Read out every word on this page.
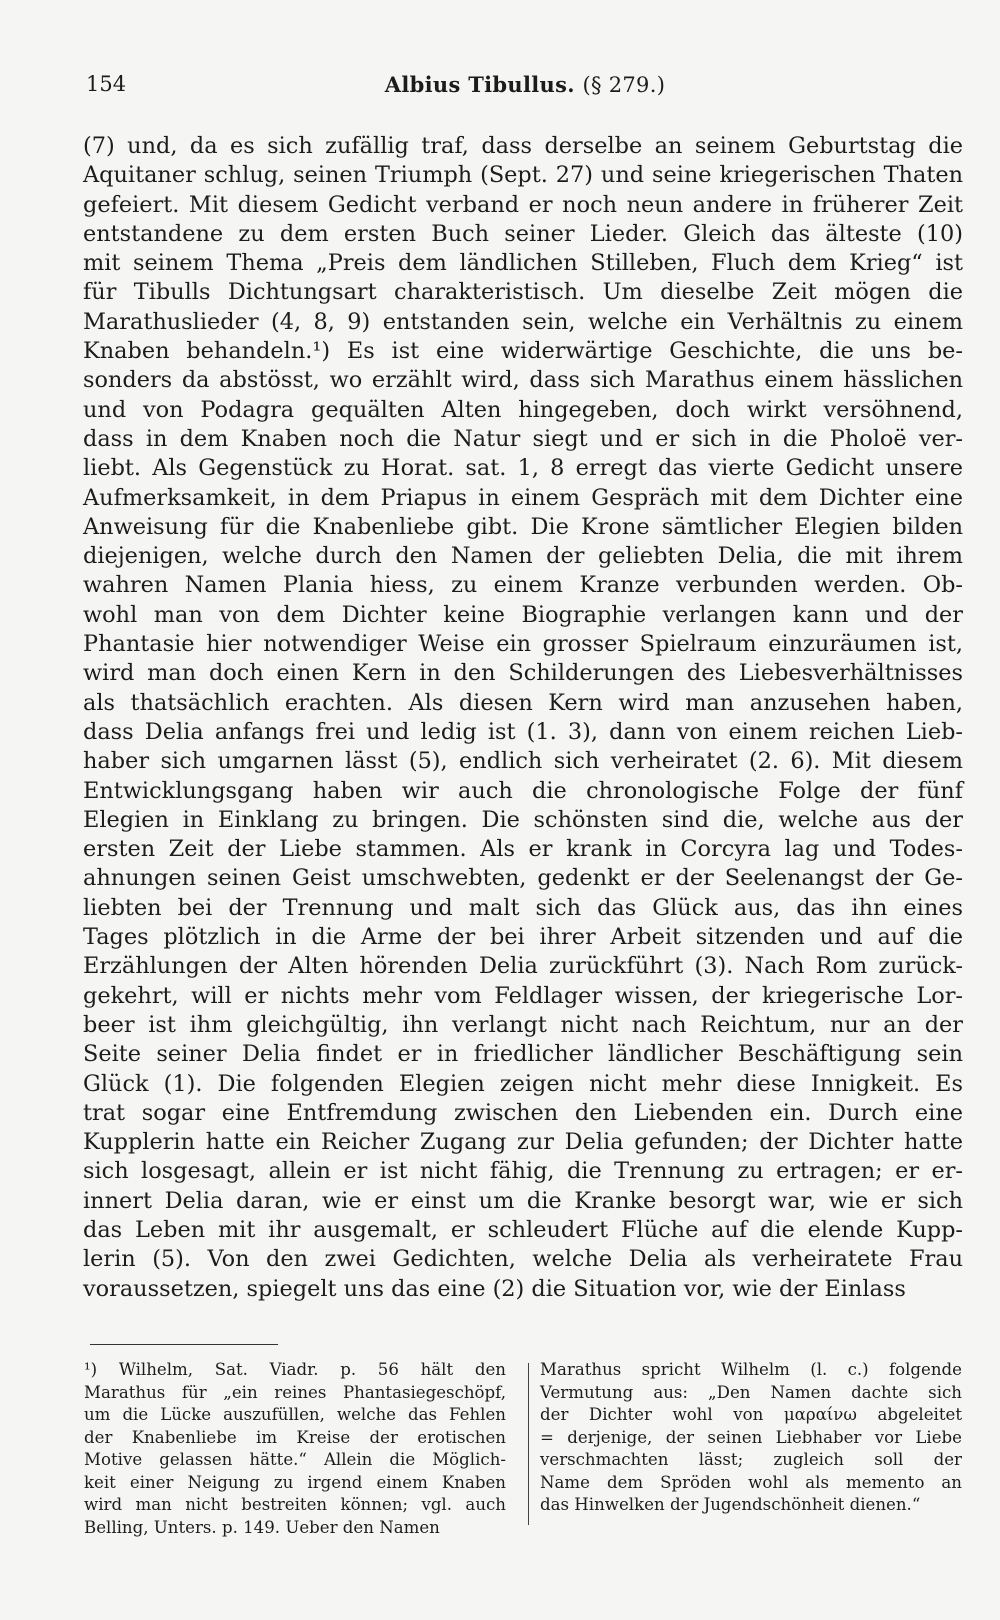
154	Albius Tibullus. (§ 279.)
(7) und, da es sich zufällig traf, dass derselbe an seinem Geburtstag die
Aquitaner schlug, seinen Triumph (Sept. 27) und seine kriegerischen Thaten
gefeiert. Mit diesem Gedicht verband er noch neun andere in früherer Zeit
entstandene zu dem ersten Buch seiner Lieder. Gleich das älteste (10)
mit seinem Thema „Preis dem ländlichen Stilleben, Fluch dem Krieg“ ist
für Tibulls Dichtungsart charakteristisch. Um dieselbe Zeit mögen die
Marathuslieder (4, 8, 9) entstanden sein, welche ein Verhältnis zu einem
Knaben behandeln.¹) Es ist eine widerwärtige Geschichte, die uns be-
sonders da abstösst, wo erzählt wird, dass sich Marathus einem hässlichen
und von Podagra gequälten Alten hingegeben, doch wirkt versöhnend,
dass in dem Knaben noch die Natur siegt und er sich in die Pholoë ver-
liebt. Als Gegenstück zu Horat. sat. 1, 8 erregt das vierte Gedicht unsere
Aufmerksamkeit, in dem Priapus in einem Gespräch mit dem Dichter eine
Anweisung für die Knabenliebe gibt. Die Krone sämtlicher Elegien bilden
diejenigen, welche durch den Namen der geliebten Delia, die mit ihrem
wahren Namen Plania hiess, zu einem Kranze verbunden werden. Ob-
wohl man von dem Dichter keine Biographie verlangen kann und der
Phantasie hier notwendiger Weise ein grosser Spielraum einzuräumen ist,
wird man doch einen Kern in den Schilderungen des Liebesverhältnisses
als thatsächlich erachten. Als diesen Kern wird man anzusehen haben,
dass Delia anfangs frei und ledig ist (1. 3), dann von einem reichen Lieb-
haber sich umgarnen lässt (5), endlich sich verheiratet (2. 6). Mit diesem
Entwicklungsgang haben wir auch die chronologische Folge der fünf
Elegien in Einklang zu bringen. Die schönsten sind die, welche aus der
ersten Zeit der Liebe stammen. Als er krank in Corcyra lag und Todes-
ahnungen seinen Geist umschwebten, gedenkt er der Seelenangst der Ge-
liebten bei der Trennung und malt sich das Glück aus, das ihn eines
Tages plötzlich in die Arme der bei ihrer Arbeit sitzenden und auf die
Erzählungen der Alten hörenden Delia zurückführt (3). Nach Rom zurück-
gekehrt, will er nichts mehr vom Feldlager wissen, der kriegerische Lor-
beer ist ihm gleichgültig, ihn verlangt nicht nach Reichtum, nur an der
Seite seiner Delia findet er in friedlicher ländlicher Beschäftigung sein
Glück (1). Die folgenden Elegien zeigen nicht mehr diese Innigkeit. Es
trat sogar eine Entfremdung zwischen den Liebenden ein. Durch eine
Kupplerin hatte ein Reicher Zugang zur Delia gefunden; der Dichter hatte
sich losgesagt, allein er ist nicht fähig, die Trennung zu ertragen; er er-
innert Delia daran, wie er einst um die Kranke besorgt war, wie er sich
das Leben mit ihr ausgemalt, er schleudert Flüche auf die elende Kupp-
lerin (5). Von den zwei Gedichten, welche Delia als verheiratete Frau
voraussetzen, spiegelt uns das eine (2) die Situation vor, wie der Einlass
¹) Wilhelm, Sat. Viadr. p. 56 hält den
Marathus für „ein reines Phantasiegeschöpf,
um die Lücke auszufüllen, welche das Fehlen
der Knabenliebe im Kreise der erotischen
Motive gelassen hätte.“ Allein die Möglich-
keit einer Neigung zu irgend einem Knaben
wird man nicht bestreiten können; vgl. auch
Belling, Unters. p. 149. Ueber den Namen
Marathus spricht Wilhelm (l. c.) folgende
Vermutung aus: „Den Namen dachte sich
der Dichter wohl von μαραίνω abgeleitet
= derjenige, der seinen Liebhaber vor Liebe
verschmachten lässt; zugleich soll der
Name dem Spröden wohl als memento an
das Hinwelken der Jugendschönheit dienen.“
